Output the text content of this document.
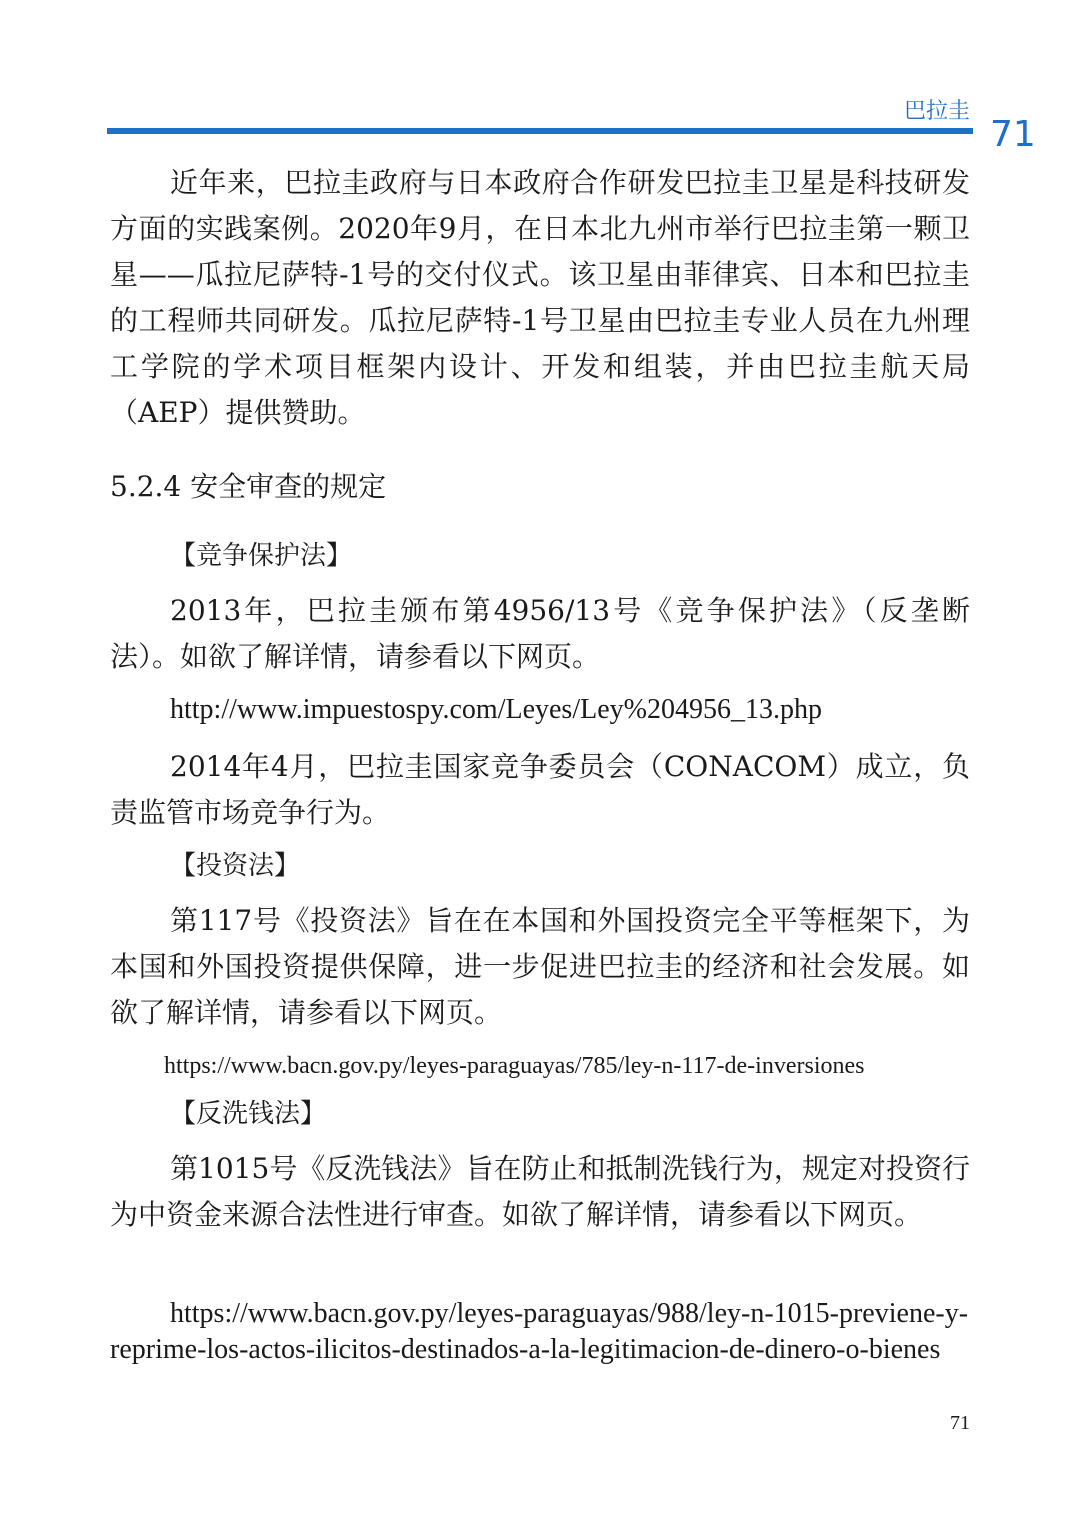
巴拉圭
71

近年来，巴拉圭政府与日本政府合作研发巴拉圭卫星是科技研发方面的实践案例。2020年9月，在日本北九州市举行巴拉圭第一颗卫星——瓜拉尼萨特-1号的交付仪式。该卫星由菲律宾、日本和巴拉圭的工程师共同研发。瓜拉尼萨特-1号卫星由巴拉圭专业人员在九州理工学院的学术项目框架内设计、开发和组装，并由巴拉圭航天局（AEP）提供赞助。

5.2.4 安全审查的规定

【竞争保护法】

2013年，巴拉圭颁布第4956/13号《竞争保护法》（反垄断法）。如欲了解详情，请参看以下网页。

http://www.impuestospy.com/Leyes/Ley%204956_13.php

2014年4月，巴拉圭国家竞争委员会（CONACOM）成立，负责监管市场竞争行为。

【投资法】

第117号《投资法》旨在在本国和外国投资完全平等框架下，为本国和外国投资提供保障，进一步促进巴拉圭的经济和社会发展。如欲了解详情，请参看以下网页。

https://www.bacn.gov.py/leyes-paraguayas/785/ley-n-117-de-inversiones

【反洗钱法】

第1015号《反洗钱法》旨在防止和抵制洗钱行为，规定对投资行为中资金来源合法性进行审查。如欲了解详情，请参看以下网页。

https://www.bacn.gov.py/leyes-paraguayas/988/ley-n-1015-previene-y-reprime-los-actos-ilicitos-destinados-a-la-legitimacion-de-dinero-o-bienes

71
